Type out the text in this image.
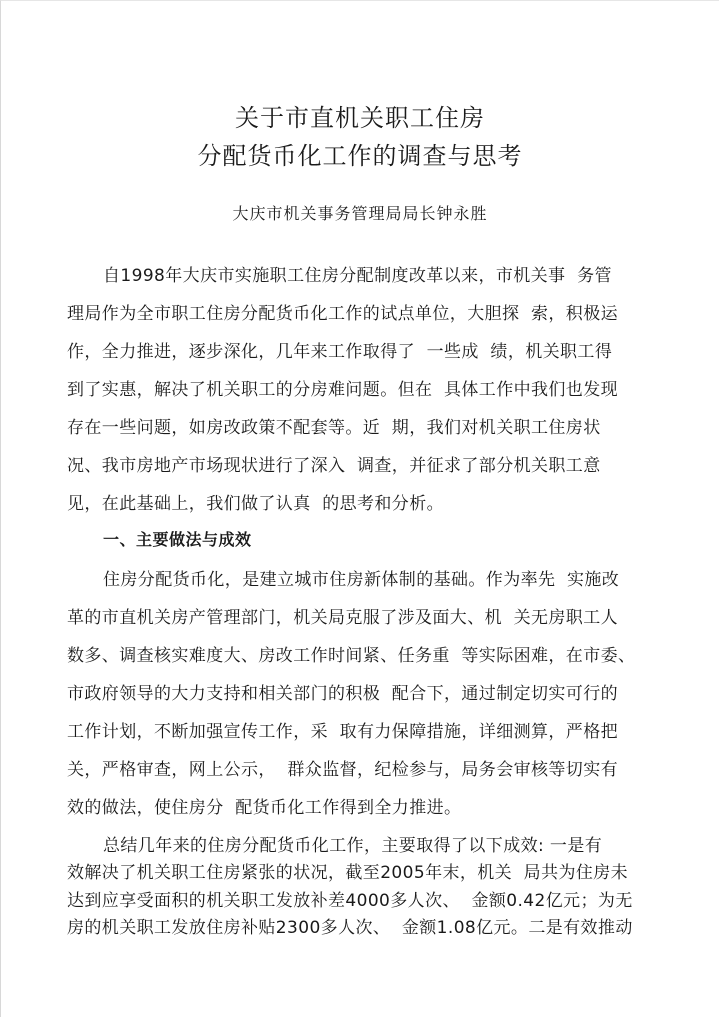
关于市直机关职工住房
分配货币化工作的调查与思考
大庆市机关事务管理局局长钟永胜
自1998年大庆市实施职工住房分配制度改革以来，市机关事  务管
理局作为全市职工住房分配货币化工作的试点单位，大胆探  索，积极运
作，全力推进，逐步深化，几年来工作取得了  一些成  绩，机关职工得
到了实惠，解决了机关职工的分房难问题。但在  具体工作中我们也发现
存在一些问题，如房改政策不配套等。近  期，我们对机关职工住房状
况、我市房地产市场现状进行了深入  调查，并征求了部分机关职工意
见，在此基础上，我们做了认真  的思考和分析。
一、主要做法与成效
住房分配货币化，是建立城市住房新体制的基础。作为率先  实施改
革的市直机关房产管理部门，机关局克服了涉及面大、机  关无房职工人
数多、调查核实难度大、房改工作时间紧、任务重  等实际困难，在市委、
市政府领导的大力支持和相关部门的积极  配合下，通过制定切实可行的
工作计划，不断加强宣传工作，采  取有力保障措施，详细测算，严格把
关，严格审查，网上公示，  群众监督，纪检参与，局务会审核等切实有
效的做法，使住房分  配货币化工作得到全力推进。
总结几年来的住房分配货币化工作，主要取得了以下成效: 一是有
效解决了机关职工住房紧张的状况，截至2005年末，机关  局共为住房未
达到应享受面积的机关职工发放补差4000多人次、  金额0.42亿元；为无
房的机关职工发放住房补贴2300多人次、  金额1.08亿元。二是有效推动
